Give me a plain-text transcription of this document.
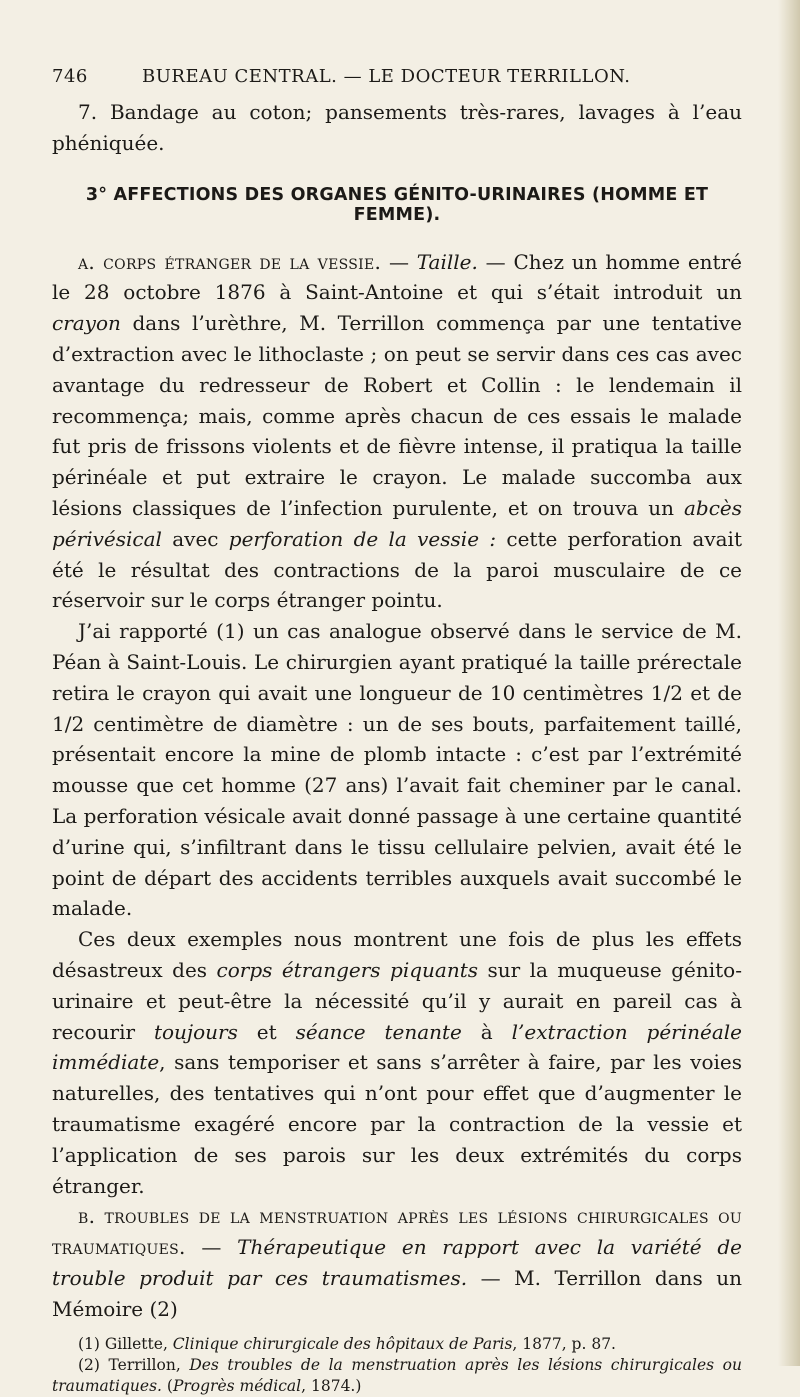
746	BUREAU CENTRAL. — LE DOCTEUR TERRILLON.

7. Bandage au coton; pansements très-rares, lavages à l’eau phéniquée.

3° AFFECTIONS DES ORGANES GÉNITO-URINAIRES (HOMME ET FEMME).

a. corps étranger de la vessie. — Taille. — Chez un homme entré le 28 octobre 1876 à Saint-Antoine et qui s’était introduit un crayon dans l’urèthre, M. Terrillon commença par une tentative d’extraction avec le lithoclaste ; on peut se servir dans ces cas avec avantage du redresseur de Robert et Collin : le lendemain il recommença; mais, comme après chacun de ces essais le malade fut pris de frissons violents et de fièvre intense, il pratiqua la taille périnéale et put extraire le crayon. Le malade succomba aux lésions classiques de l’infection purulente, et on trouva un abcès périvésical avec perforation de la vessie : cette perforation avait été le résultat des contractions de la paroi musculaire de ce réservoir sur le corps étranger pointu.

J’ai rapporté (1) un cas analogue observé dans le service de M. Péan à Saint-Louis. Le chirurgien ayant pratiqué la taille prérectale retira le crayon qui avait une longueur de 10 centimètres 1/2 et de 1/2 centimètre de diamètre : un de ses bouts, parfaitement taillé, présentait encore la mine de plomb intacte : c’est par l’extrémité mousse que cet homme (27 ans) l’avait fait cheminer par le canal. La perforation vésicale avait donné passage à une certaine quantité d’urine qui, s’infiltrant dans le tissu cellulaire pelvien, avait été le point de départ des accidents terribles auxquels avait succombé le malade.

Ces deux exemples nous montrent une fois de plus les effets désastreux des corps étrangers piquants sur la muqueuse génito-urinaire et peut-être la nécessité qu’il y aurait en pareil cas à recourir toujours et séance tenante à l’extraction périnéale immédiate, sans temporiser et sans s’arrêter à faire, par les voies naturelles, des tentatives qui n’ont pour effet que d’augmenter le traumatisme exagéré encore par la contraction de la vessie et l’application de ses parois sur les deux extrémités du corps étranger.

b. troubles de la menstruation après les lésions chirurgicales ou traumatiques. — Thérapeutique en rapport avec la variété de trouble produit par ces traumatismes. — M. Terrillon dans un Mémoire (2)

(1) Gillette, Clinique chirurgicale des hôpitaux de Paris, 1877, p. 87.

(2) Terrillon, Des troubles de la menstruation après les lésions chirurgicales ou traumatiques. (Progrès médical, 1874.)
